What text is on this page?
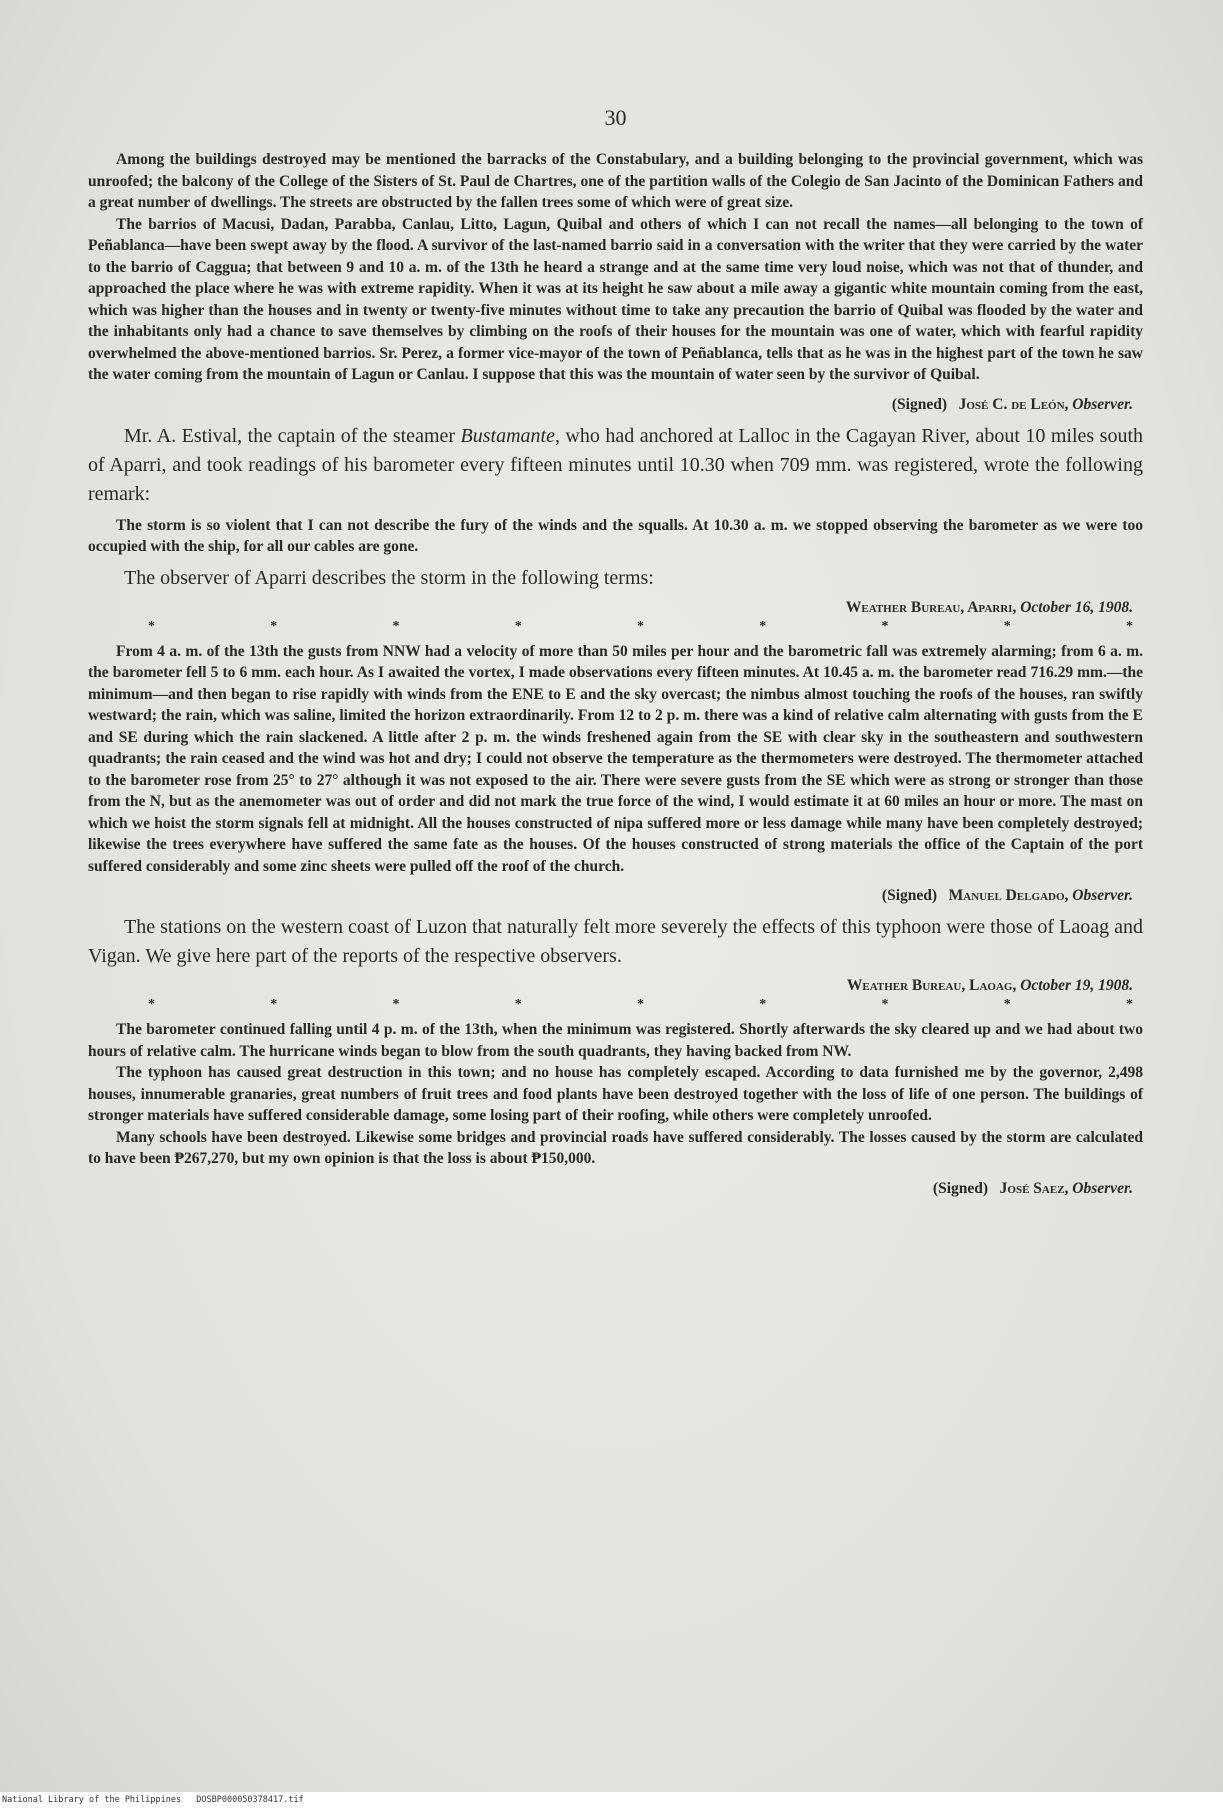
30

Among the buildings destroyed may be mentioned the barracks of the Constabulary, and a building belonging to the provincial government, which was unroofed; the balcony of the College of the Sisters of St. Paul de Chartres, one of the partition walls of the Colegio de San Jacinto of the Dominican Fathers and a great number of dwellings. The streets are obstructed by the fallen trees some of which were of great size.

The barrios of Macusi, Dadan, Parabba, Canlau, Litto, Lagun, Quibal and others of which I can not recall the names—all belonging to the town of Peñablanca—have been swept away by the flood. A survivor of the last-named barrio said in a conversation with the writer that they were carried by the water to the barrio of Caggua; that between 9 and 10 a. m. of the 13th he heard a strange and at the same time very loud noise, which was not that of thunder, and approached the place where he was with extreme rapidity. When it was at its height he saw about a mile away a gigantic white mountain coming from the east, which was higher than the houses and in twenty or twenty-five minutes without time to take any precaution the barrio of Quibal was flooded by the water and the inhabitants only had a chance to save themselves by climbing on the roofs of their houses for the mountain was one of water, which with fearful rapidity overwhelmed the above-mentioned barrios. Sr. Perez, a former vice-mayor of the town of Peñablanca, tells that as he was in the highest part of the town he saw the water coming from the mountain of Lagun or Canlau. I suppose that this was the mountain of water seen by the survivor of Quibal.

(Signed) José C. de León, Observer.

Mr. A. Estival, the captain of the steamer Bustamante, who had anchored at Lalloc in the Cagayan River, about 10 miles south of Aparri, and took readings of his barometer every fifteen minutes until 10.30 when 709 mm. was registered, wrote the following remark:

The storm is so violent that I can not describe the fury of the winds and the squalls. At 10.30 a. m. we stopped observing the barometer as we were too occupied with the ship, for all our cables are gone.

The observer of Aparri describes the storm in the following terms:

Weather Bureau, Aparri, October 16, 1908.
*	*	*	*	*	*	*	*	*

From 4 a. m. of the 13th the gusts from NNW had a velocity of more than 50 miles per hour and the barometric fall was extremely alarming; from 6 a. m. the barometer fell 5 to 6 mm. each hour. As I awaited the vortex, I made observations every fifteen minutes. At 10.45 a. m. the barometer read 716.29 mm.—the minimum—and then began to rise rapidly with winds from the ENE to E and the sky overcast; the nimbus almost touching the roofs of the houses, ran swiftly westward; the rain, which was saline, limited the horizon extraordinarily. From 12 to 2 p. m. there was a kind of relative calm alternating with gusts from the E and SE during which the rain slackened. A little after 2 p. m. the winds freshened again from the SE with clear sky in the southeastern and southwestern quadrants; the rain ceased and the wind was hot and dry; I could not observe the temperature as the thermometers were destroyed. The thermometer attached to the barometer rose from 25° to 27° although it was not exposed to the air. There were severe gusts from the SE which were as strong or stronger than those from the N, but as the anemometer was out of order and did not mark the true force of the wind, I would estimate it at 60 miles an hour or more. The mast on which we hoist the storm signals fell at midnight. All the houses constructed of nipa suffered more or less damage while many have been completely destroyed; likewise the trees everywhere have suffered the same fate as the houses. Of the houses constructed of strong materials the office of the Captain of the port suffered considerably and some zinc sheets were pulled off the roof of the church.

(Signed) Manuel Delgado, Observer.

The stations on the western coast of Luzon that naturally felt more severely the effects of this typhoon were those of Laoag and Vigan. We give here part of the reports of the respective observers.

Weather Bureau, Laoag, October 19, 1908.
*	*	*	*	*	*	*	*	*

The barometer continued falling until 4 p. m. of the 13th, when the minimum was registered. Shortly afterwards the sky cleared up and we had about two hours of relative calm. The hurricane winds began to blow from the south quadrants, they having backed from NW.

The typhoon has caused great destruction in this town; and no house has completely escaped. According to data furnished me by the governor, 2,498 houses, innumerable granaries, great numbers of fruit trees and food plants have been destroyed together with the loss of life of one person. The buildings of stronger materials have suffered considerable damage, some losing part of their roofing, while others were completely unroofed.

Many schools have been destroyed. Likewise some bridges and provincial roads have suffered considerably. The losses caused by the storm are calculated to have been ₱267,270, but my own opinion is that the loss is about ₱150,000.

(Signed) José Saez, Observer.
National Library of the Philippines DOSBP000050378417.tif
